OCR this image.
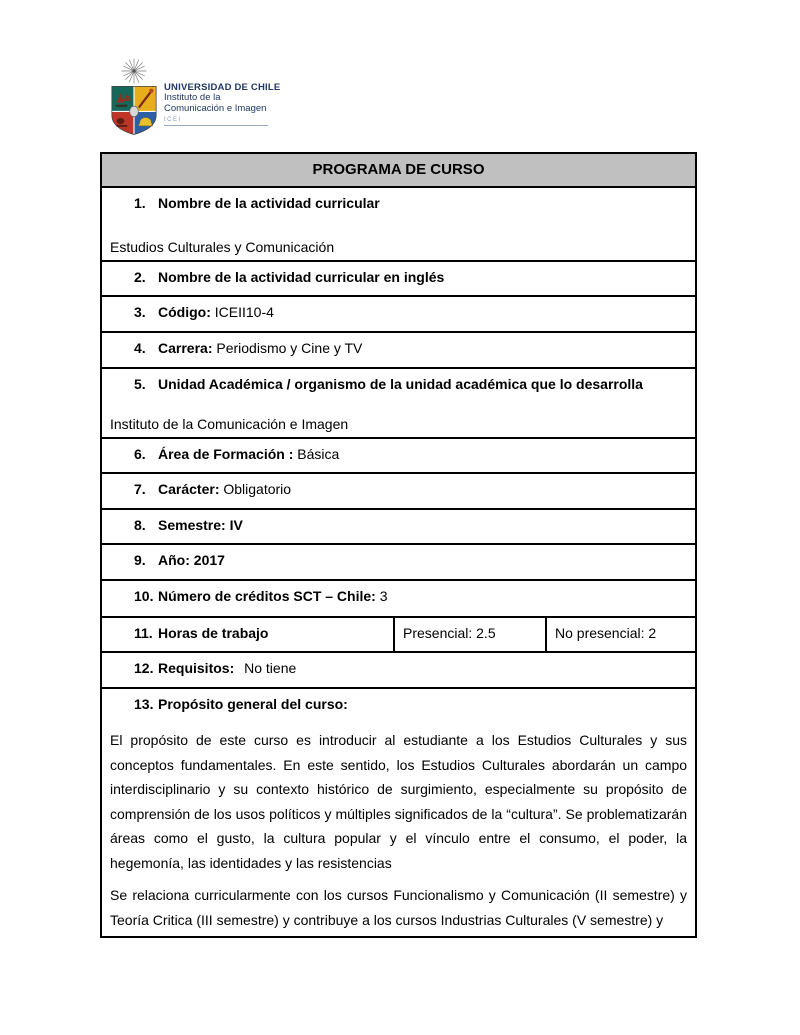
UNIVERSIDAD DE CHILE
Instituto de la
Comunicación e Imagen
ICEI
PROGRAMA DE CURSO

1. Nombre de la actividad curricular
Estudios Culturales y Comunicación

2. Nombre de la actividad curricular en inglés

3. Código: ICEII10-4

4. Carrera: Periodismo y Cine y TV

5. Unidad Académica / organismo de la unidad académica que lo desarrolla
Instituto de la Comunicación e Imagen

6. Área de Formación : Básica

7. Carácter: Obligatorio

8. Semestre: IV

9. Año: 2017

10. Número de créditos SCT – Chile: 3

11. Horas de trabajo	Presencial: 2.5	No presencial: 2

12. Requisitos: No tiene

13. Propósito general del curso:
El propósito de este curso es introducir al estudiante a los Estudios Culturales y sus conceptos fundamentales. En este sentido, los Estudios Culturales abordarán un campo interdisciplinario y su contexto histórico de surgimiento, especialmente su propósito de comprensión de los usos políticos y múltiples significados de la “cultura”. Se problematizarán áreas como el gusto, la cultura popular y el vínculo entre el consumo, el poder, la hegemonía, las identidades y las resistencias
Se relaciona curricularmente con los cursos Funcionalismo y Comunicación (II semestre) y Teoría Critica (III semestre) y contribuye a los cursos Industrias Culturales (V semestre) y
